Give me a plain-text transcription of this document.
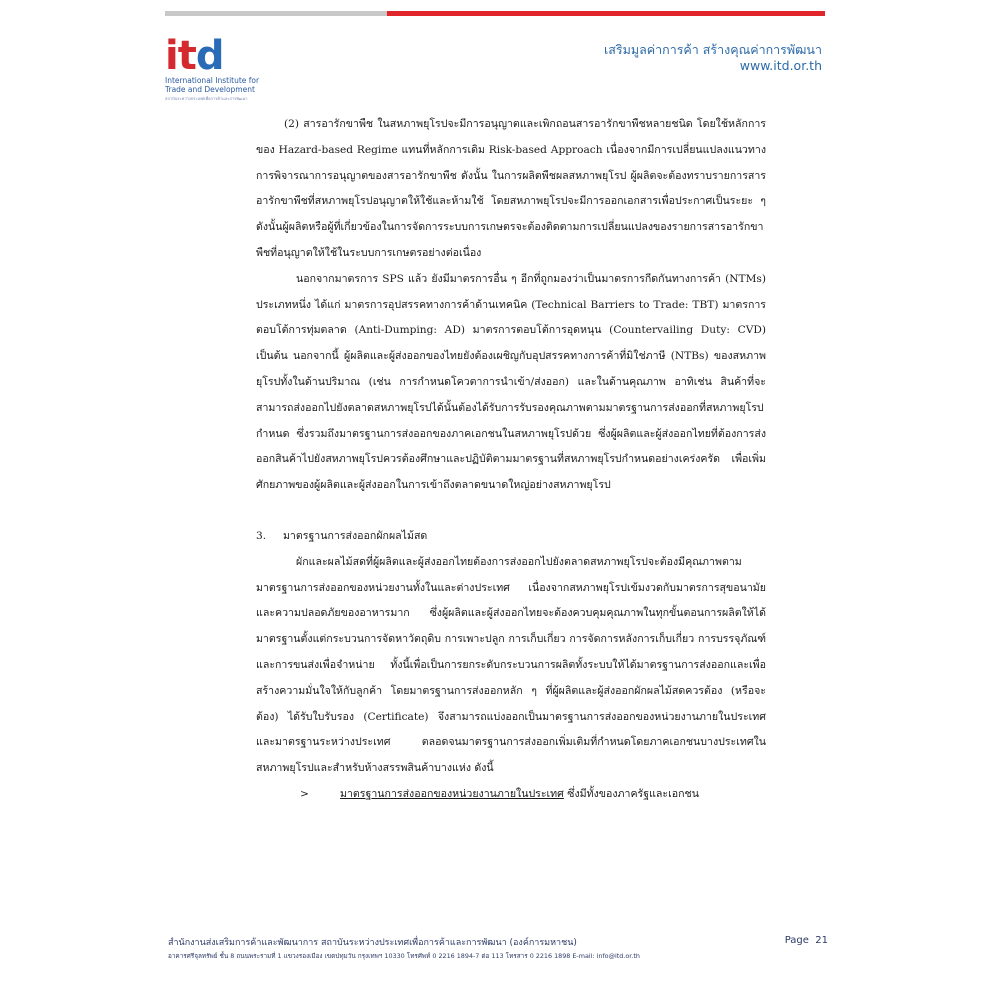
itd
International Institute for
Trade and Development
สถาบันระหว่างประเทศเพื่อการค้าและการพัฒนา
เสริมมูลค่าการค้า สร้างคุณค่าการพัฒนา
www.itd.or.th

(2) สารอารักขาพืช ในสหภาพยุโรปจะมีการอนุญาตและเพิกถอนสารอารักขาพืชหลายชนิด โดยใช้หลักการของ Hazard-based Regime แทนที่หลักการเดิม Risk-based Approach เนื่องจากมีการเปลี่ยนแปลงแนวทางการพิจารณาการอนุญาตของสารอารักขาพืช ดังนั้น ในการผลิตพืชผลสหภาพยุโรป ผู้ผลิตจะต้องทราบรายการสารอารักขาพืชที่สหภาพยุโรปอนุญาตให้ใช้และห้ามใช้ โดยสหภาพยุโรปจะมีการออกเอกสารเพื่อประกาศเป็นระยะ ๆ ดังนั้นผู้ผลิตหรือผู้ที่เกี่ยวข้องในการจัดการระบบการเกษตรจะต้องติดตามการเปลี่ยนแปลงของรายการสารอารักขาพืชที่อนุญาตให้ใช้ในระบบการเกษตรอย่างต่อเนื่อง

นอกจากมาตรการ SPS แล้ว ยังมีมาตรการอื่น ๆ อีกที่ถูกมองว่าเป็นมาตรการกีดกันทางการค้า (NTMs) ประเภทหนึ่ง ได้แก่ มาตรการอุปสรรคทางการค้าด้านเทคนิค (Technical Barriers to Trade: TBT) มาตรการตอบโต้การทุ่มตลาด (Anti-Dumping: AD) มาตรการตอบโต้การอุดหนุน (Countervailing Duty: CVD) เป็นต้น นอกจากนี้ ผู้ผลิตและผู้ส่งออกของไทยยังต้องเผชิญกับอุปสรรคทางการค้าที่มิใช่ภาษี (NTBs) ของสหภาพยุโรปทั้งในด้านปริมาณ (เช่น การกำหนดโควตาการนำเข้า/ส่งออก) และในด้านคุณภาพ อาทิเช่น สินค้าที่จะสามารถส่งออกไปยังตลาดสหภาพยุโรปได้นั้นต้องได้รับการรับรองคุณภาพตามมาตรฐานการส่งออกที่สหภาพยุโรปกำหนด ซึ่งรวมถึงมาตรฐานการส่งออกของภาคเอกชนในสหภาพยุโรปด้วย ซึ่งผู้ผลิตและผู้ส่งออกไทยที่ต้องการส่งออกสินค้าไปยังสหภาพยุโรปควรต้องศึกษาและปฏิบัติตามมาตรฐานที่สหภาพยุโรปกำหนดอย่างเคร่งครัด เพื่อเพิ่มศักยภาพของผู้ผลิตและผู้ส่งออกในการเข้าถึงตลาดขนาดใหญ่อย่างสหภาพยุโรป

3. มาตรฐานการส่งออกผักผลไม้สด

ผักและผลไม้สดที่ผู้ผลิตและผู้ส่งออกไทยต้องการส่งออกไปยังตลาดสหภาพยุโรปจะต้องมีคุณภาพตามมาตรฐานการส่งออกของหน่วยงานทั้งในและต่างประเทศ เนื่องจากสหภาพยุโรปเข้มงวดกับมาตรการสุขอนามัยและความปลอดภัยของอาหารมาก ซึ่งผู้ผลิตและผู้ส่งออกไทยจะต้องควบคุมคุณภาพในทุกขั้นตอนการผลิตให้ได้มาตรฐานตั้งแต่กระบวนการจัดหาวัตถุดิบ การเพาะปลูก การเก็บเกี่ยว การจัดการหลังการเก็บเกี่ยว การบรรจุภัณฑ์ และการขนส่งเพื่อจำหน่าย ทั้งนี้เพื่อเป็นการยกระดับกระบวนการผลิตทั้งระบบให้ได้มาตรฐานการส่งออกและเพื่อสร้างความมั่นใจให้กับลูกค้า โดยมาตรฐานการส่งออกหลัก ๆ ที่ผู้ผลิตและผู้ส่งออกผักผลไม้สดควรต้อง (หรือจะต้อง) ได้รับใบรับรอง (Certificate) จึงสามารถแบ่งออกเป็นมาตรฐานการส่งออกของหน่วยงานภายในประเทศ และมาตรฐานระหว่างประเทศ ตลอดจนมาตรฐานการส่งออกเพิ่มเติมที่กำหนดโดยภาคเอกชนบางประเทศในสหภาพยุโรปและสำหรับห้างสรรพสินค้าบางแห่ง ดังนี้

>	มาตรฐานการส่งออกของหน่วยงานภายในประเทศ ซึ่งมีทั้งของภาครัฐและเอกชน

สำนักงานส่งเสริมการค้าและพัฒนาการ สถาบันระหว่างประเทศเพื่อการค้าและการพัฒนา (องค์การมหาชน)	Page 21
อาคารศรีจุลทรัพย์ ชั้น 8 ถนนพระรามที่ 1 แขวงรองเมือง เขตปทุมวัน กรุงเทพฯ 10330 โทรศัพท์ 0 2216 1894-7 ต่อ 113 โทรสาร 0 2216 1898 E-mail: info@itd.or.th
